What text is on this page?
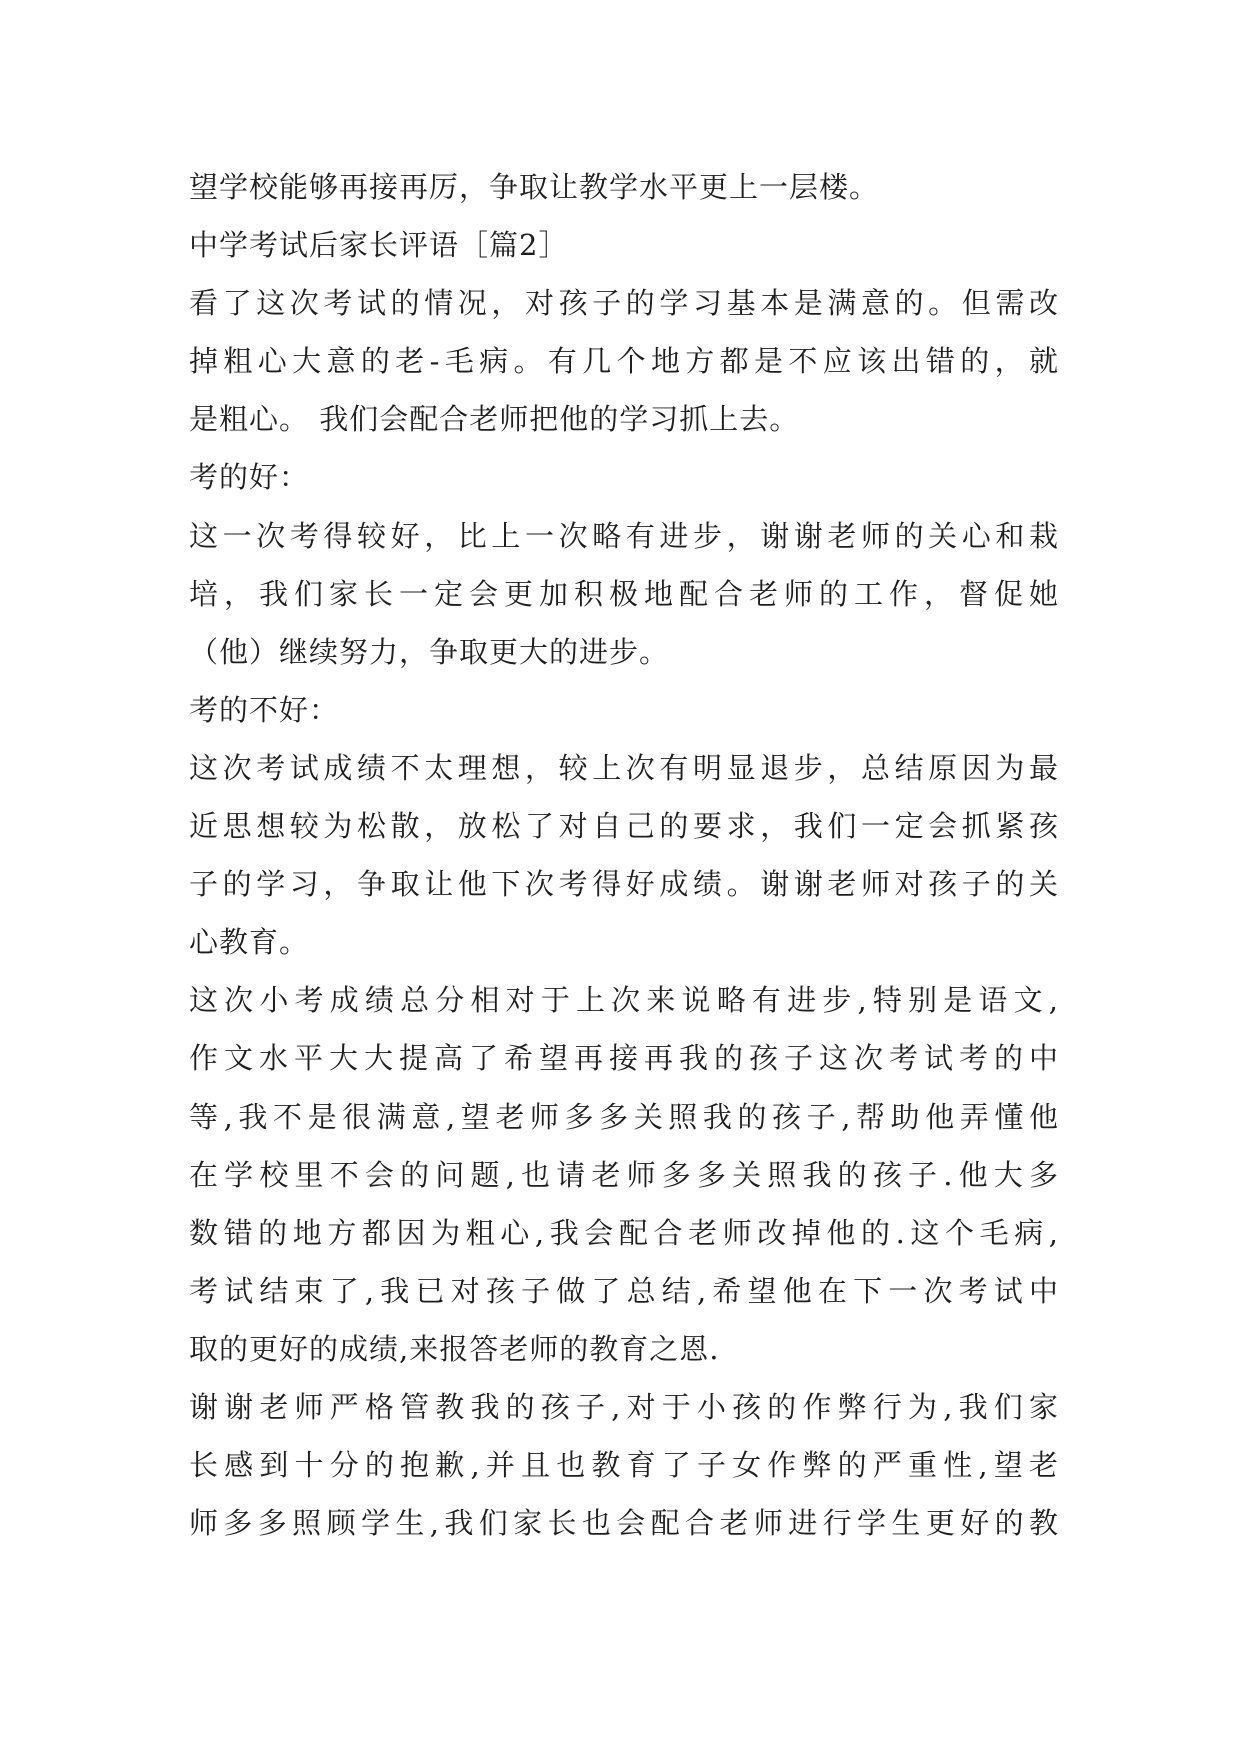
望学校能够再接再厉，争取让教学水平更上一层楼。
中学考试后家长评语［篇2］
看了这次考试的情况，对孩子的学习基本是满意的。但需改
掉粗心大意的老-毛病。有几个地方都是不应该出错的，就
是粗心。 我们会配合老师把他的学习抓上去。
考的好：
这一次考得较好，比上一次略有进步，谢谢老师的关心和栽
培，我们家长一定会更加积极地配合老师的工作，督促她
（他）继续努力，争取更大的进步。
考的不好：
这次考试成绩不太理想，较上次有明显退步，总结原因为最
近思想较为松散，放松了对自己的要求，我们一定会抓紧孩
子的学习，争取让他下次考得好成绩。谢谢老师对孩子的关
心教育。
这次小考成绩总分相对于上次来说略有进步,特别是语文,
作文水平大大提高了希望再接再我的孩子这次考试考的中
等,我不是很满意,望老师多多关照我的孩子,帮助他弄懂他
在学校里不会的问题,也请老师多多关照我的孩子.他大多
数错的地方都因为粗心,我会配合老师改掉他的.这个毛病,
考试结束了,我已对孩子做了总结,希望他在下一次考试中
取的更好的成绩,来报答老师的教育之恩.
谢谢老师严格管教我的孩子,对于小孩的作弊行为,我们家
长感到十分的抱歉,并且也教育了子女作弊的严重性,望老
师多多照顾学生,我们家长也会配合老师进行学生更好的教
